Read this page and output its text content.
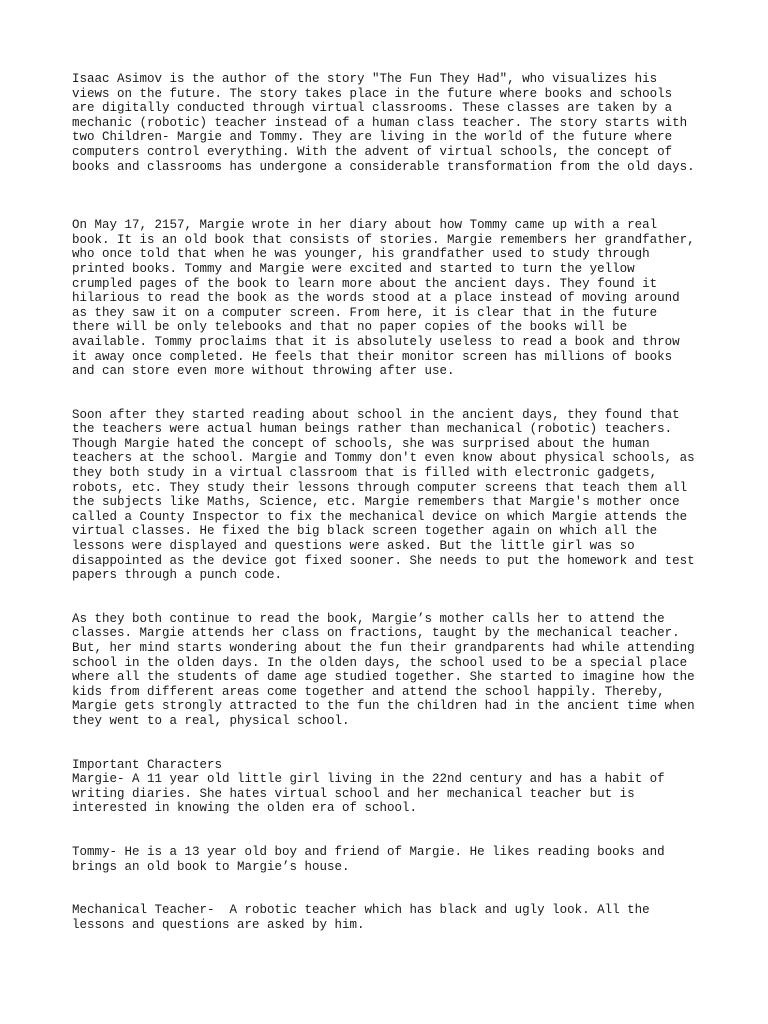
Isaac Asimov is the author of the story "The Fun They Had", who visualizes his
views on the future. The story takes place in the future where books and schools
are digitally conducted through virtual classrooms. These classes are taken by a
mechanic (robotic) teacher instead of a human class teacher. The story starts with
two Children- Margie and Tommy. They are living in the world of the future where
computers control everything. With the advent of virtual schools, the concept of
books and classrooms has undergone a considerable transformation from the old days.

On May 17, 2157, Margie wrote in her diary about how Tommy came up with a real
book. It is an old book that consists of stories. Margie remembers her grandfather,
who once told that when he was younger, his grandfather used to study through
printed books. Tommy and Margie were excited and started to turn the yellow
crumpled pages of the book to learn more about the ancient days. They found it
hilarious to read the book as the words stood at a place instead of moving around
as they saw it on a computer screen. From here, it is clear that in the future
there will be only telebooks and that no paper copies of the books will be
available. Tommy proclaims that it is absolutely useless to read a book and throw
it away once completed. He feels that their monitor screen has millions of books
and can store even more without throwing after use.

Soon after they started reading about school in the ancient days, they found that
the teachers were actual human beings rather than mechanical (robotic) teachers.
Though Margie hated the concept of schools, she was surprised about the human
teachers at the school. Margie and Tommy don't even know about physical schools, as
they both study in a virtual classroom that is filled with electronic gadgets,
robots, etc. They study their lessons through computer screens that teach them all
the subjects like Maths, Science, etc. Margie remembers that Margie's mother once
called a County Inspector to fix the mechanical device on which Margie attends the
virtual classes. He fixed the big black screen together again on which all the
lessons were displayed and questions were asked. But the little girl was so
disappointed as the device got fixed sooner. She needs to put the homework and test
papers through a punch code.

As they both continue to read the book, Margie’s mother calls her to attend the
classes. Margie attends her class on fractions, taught by the mechanical teacher.
But, her mind starts wondering about the fun their grandparents had while attending
school in the olden days. In the olden days, the school used to be a special place
where all the students of dame age studied together. She started to imagine how the
kids from different areas come together and attend the school happily. Thereby,
Margie gets strongly attracted to the fun the children had in the ancient time when
they went to a real, physical school.

Important Characters
Margie- A 11 year old little girl living in the 22nd century and has a habit of
writing diaries. She hates virtual school and her mechanical teacher but is
interested in knowing the olden era of school.

Tommy- He is a 13 year old boy and friend of Margie. He likes reading books and
brings an old book to Margie’s house.

Mechanical Teacher-  A robotic teacher which has black and ugly look. All the
lessons and questions are asked by him.
